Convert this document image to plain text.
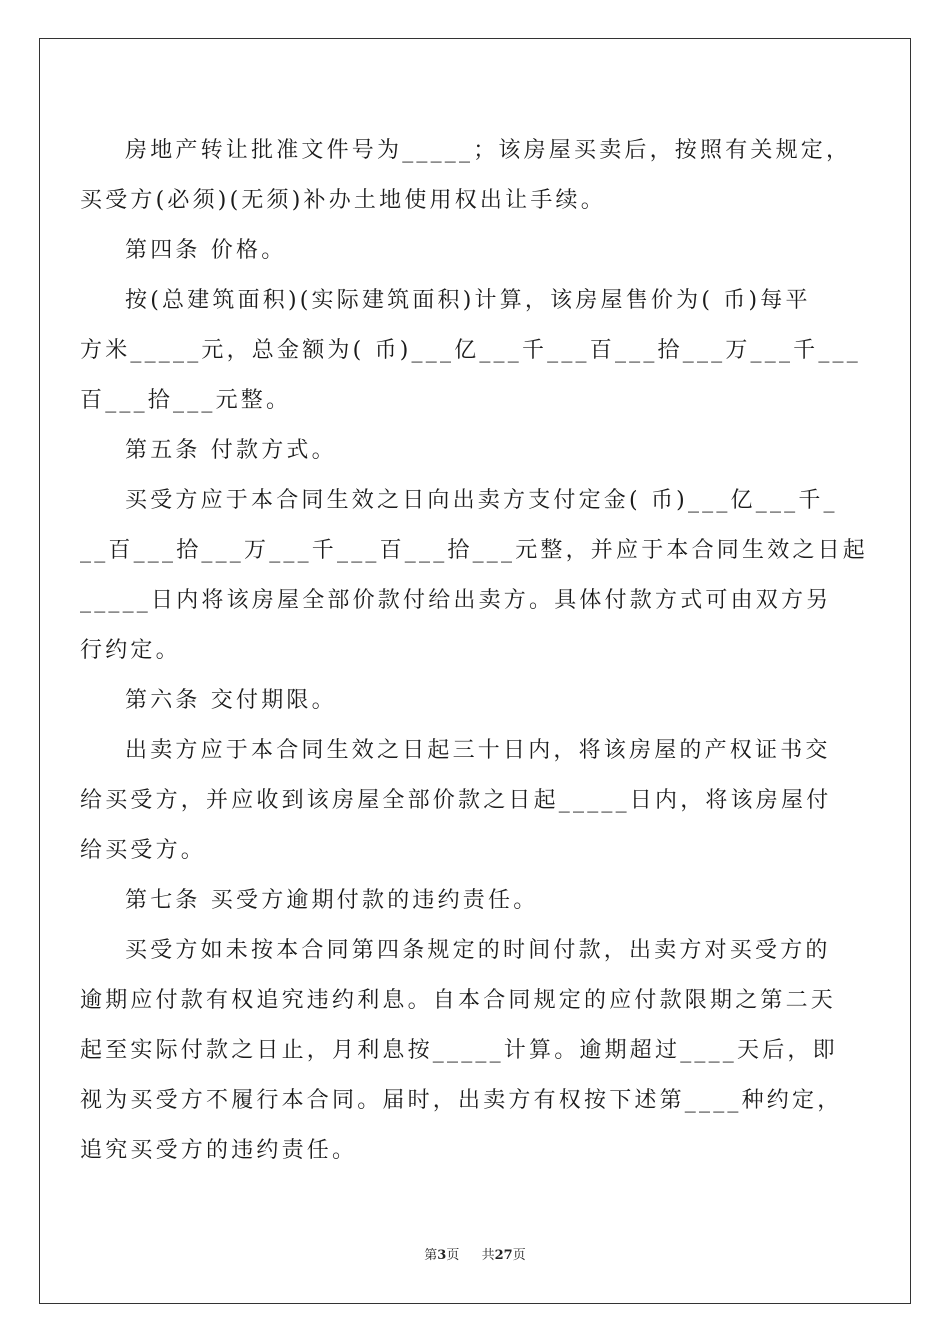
房地产转让批准文件号为_____；该房屋买卖后，按照有关规定，
买受方(必须)(无须)补办土地使用权出让手续。
第四条 价格。
按(总建筑面积)(实际建筑面积)计算，该房屋售价为( 币)每平
方米_____元，总金额为( 币)___亿___千___百___拾___万___千___
百___拾___元整。
第五条 付款方式。
买受方应于本合同生效之日向出卖方支付定金( 币)___亿___千_
__百___拾___万___千___百___拾___元整，并应于本合同生效之日起
_____日内将该房屋全部价款付给出卖方。具体付款方式可由双方另
行约定。
第六条 交付期限。
出卖方应于本合同生效之日起三十日内，将该房屋的产权证书交
给买受方，并应收到该房屋全部价款之日起_____日内，将该房屋付
给买受方。
第七条 买受方逾期付款的违约责任。
买受方如未按本合同第四条规定的时间付款，出卖方对买受方的
逾期应付款有权追究违约利息。自本合同规定的应付款限期之第二天
起至实际付款之日止，月利息按_____计算。逾期超过____天后，即
视为买受方不履行本合同。届时，出卖方有权按下述第____种约定，
追究买受方的违约责任。
第3页 共27页
